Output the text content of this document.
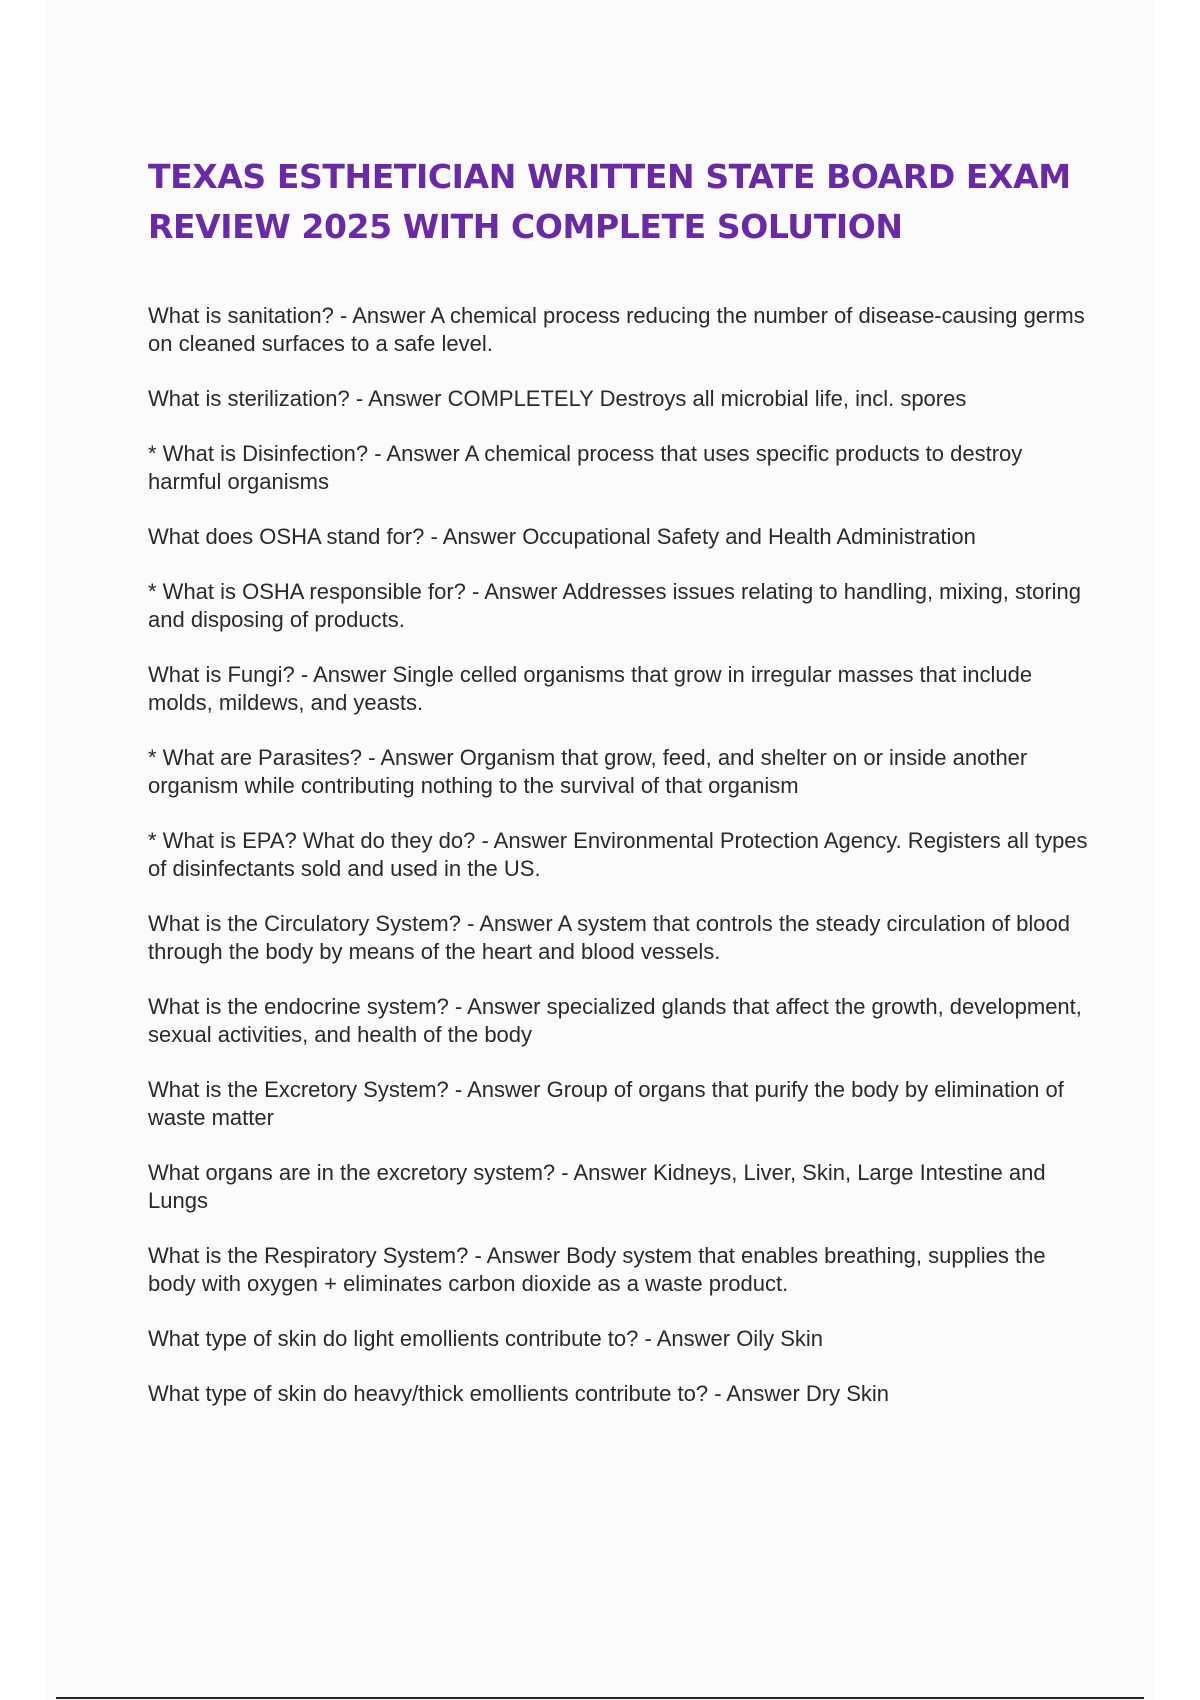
TEXAS ESTHETICIAN WRITTEN STATE BOARD EXAM REVIEW 2025 WITH COMPLETE SOLUTION
What is sanitation? - Answer A chemical process reducing the number of disease-causing germs on cleaned surfaces to a safe level.
What is sterilization? - Answer COMPLETELY Destroys all microbial life, incl. spores
* What is Disinfection? - Answer A chemical process that uses specific products to destroy harmful organisms
What does OSHA stand for? - Answer Occupational Safety and Health Administration
* What is OSHA responsible for? - Answer Addresses issues relating to handling, mixing, storing and disposing of products.
What is Fungi? - Answer Single celled organisms that grow in irregular masses that include molds, mildews, and yeasts.
* What are Parasites? - Answer Organism that grow, feed, and shelter on or inside another organism while contributing nothing to the survival of that organism
* What is EPA? What do they do? - Answer Environmental Protection Agency. Registers all types of disinfectants sold and used in the US.
What is the Circulatory System? - Answer A system that controls the steady circulation of blood through the body by means of the heart and blood vessels.
What is the endocrine system? - Answer specialized glands that affect the growth, development, sexual activities, and health of the body
What is the Excretory System? - Answer Group of organs that purify the body by elimination of waste matter
What organs are in the excretory system? - Answer Kidneys, Liver, Skin, Large Intestine and Lungs
What is the Respiratory System? - Answer Body system that enables breathing, supplies the body with oxygen + eliminates carbon dioxide as a waste product.
What type of skin do light emollients contribute to? - Answer Oily Skin
What type of skin do heavy/thick emollients contribute to? - Answer Dry Skin
